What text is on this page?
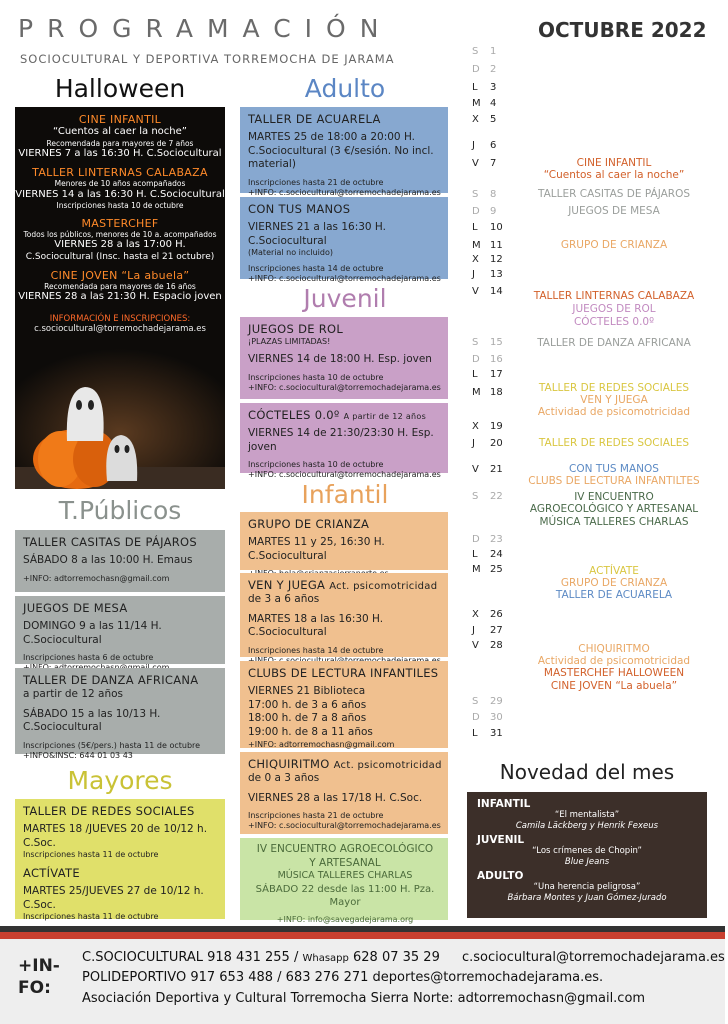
PROGRAMACIÓN
SOCIOCULTURAL Y DEPORTIVA TORREMOCHA DE JARAMA
OCTUBRE 2022
Halloween	Adulto
Juvenil
Infantil
T.Públicos
Mayores	Novedad del mes
CINE INFANTIL
“Cuentos al caer la noche”
Recomendada para mayores de 7 años
VIERNES 7 a las 16:30 H. C.Sociocultural
TALLER LINTERNAS CALABAZA
Menores de 10 años acompañados
VIERNES 14 a las 16:30 H. C.Sociocultural
Inscripciones hasta 10 de octubre
MASTERCHEF
Todos los públicos, menores de 10 a. acompañados
VIERNES 28 a las 17:00 H.
C.Sociocultural (Insc. hasta el 21 octubre)
CINE JOVEN “La abuela”
Recomendada para mayores de 16 años
VIERNES 28 a las 21:30 H. Espacio joven
INFORMACIÓN E INSCRIPCIONES:
c.sociocultural@torremochadejarama.es
TALLER DE ACUARELA
MARTES 25 de 18:00 a 20:00 H.
C.Sociocultural (3 €/sesión. No incl. material)
Inscripciones hasta 21 de octubre
+INFO: c.sociocultural@torremochadejarama.es
CON TUS MANOS
VIERNES 21 a las 16:30 H. C.Sociocultural
(Material no incluido)
Inscripciones hasta 14 de octubre
+INFO: c.sociocultural@torremochadejarama.es
JUEGOS DE ROL
¡PLAZAS LIMITADAS!
VIERNES 14 de 18:00 H. Esp. joven
Inscripciones hasta 10 de octubre
+INFO: c.sociocultural@torremochadejarama.es
CÓCTELES 0.0º A partir de 12 años
VIERNES 14 de 21:30/23:30 H. Esp. joven
Inscripciones hasta 10 de octubre
+INFO: c.sociocultural@torremochadejarama.es
GRUPO DE CRIANZA
MARTES 11 y 25, 16:30 H. C.Sociocultural
VEN Y JUEGA Act. psicomotricidad
de 3 a 6 años
MARTES 18 a las 16:30 H. C.Sociocultural
Inscripciones hasta 14 de octubre
CLUBS DE LECTURA INFANTILES
VIERNES 21 Biblioteca
17:00 h. de 3 a 6 años
18:00 h. de 7 a 8 años
19:00 h. de 8 a 11 años
+INFO: adtorremochasn@gmail.com
CHIQUIRITMO Act. psicomotricidad
de 0 a 3 años
VIERNES 28 a las 17/18 H. C.Soc.
Inscripciones hasta 21 de octubre
+INFO: c.sociocultural@torremochadejarama.es
IV ENCUENTRO AGROECOLÓGICO
Y ARTESANAL
MÚSICA TALLERES CHARLAS
SÁBADO 22 desde las 11:00 H. Pza. Mayor
+INFO: info@savegadejarama.org
TALLER CASITAS DE PÁJAROS
SÁBADO 8 a las 10:00 H. Emaus
+INFO: adtorremochasn@gmail.com
JUEGOS DE MESA
DOMINGO 9 a las 11/14 H. C.Sociocultural
Inscripciones hasta 6 de octubre
TALLER DE DANZA AFRICANA
a partir de 12 años
SÁBADO 15 a las 10/13 H. C.Sociocultural
Inscripciones (5€/pers.) hasta 11 de octubre
+INFO&INSC: 644 01 03 43
TALLER DE REDES SOCIALES
MARTES 18 /JUEVES 20 de 10/12 h. C.Soc.
Inscripciones hasta 11 de octubre
ACTÍVATE
MARTES 25/JUEVES 27 de 10/12 h. C.Soc.
Inscripciones hasta 11 de octubre
S 1
D 2
L 3
M 4
X 5
J 6
V 7
S 8
D 9
L 10
M 11
X 12
J 13
V 14
S 15
D 16
L 17
M 18
X 19
J 20
V 21
S 22
D 23
L 24
M 25
X 26
J 27
V 28
S 29
D 30
L 31
CINE INFANTIL
“Cuentos al caer la noche”
TALLER CASITAS DE PÁJAROS
JUEGOS DE MESA
GRUPO DE CRIANZA
TALLER LINTERNAS CALABAZA
JUEGOS DE ROL
CÓCTELES 0.0º
TALLER DE DANZA AFRICANA
TALLER DE REDES SOCIALES
VEN Y JUEGA
Actividad de psicomotricidad
TALLER DE REDES SOCIALES
CON TUS MANOS
CLUBS DE LECTURA INFANTILTES
IV ENCUENTRO
AGROECOLÓGICO Y ARTESANAL
MÚSICA TALLERES CHARLAS
ACTÍVATE
GRUPO DE CRIANZA
TALLER DE ACUARELA
CHIQUIRITMO
Actividad de psicomotricidad
MASTERCHEF HALLOWEEN
CINE JOVEN “La abuela”
INFANTIL
“El mentalista”
Camila Läckberg y Henrik Fexeus
JUVENIL
“Los crímenes de Chopin”
Blue Jeans
ADULTO
“Una herencia peligrosa”
Bárbara Montes y Juan Gómez-Jurado
+IN- FO:
C.SOCIOCULTURAL 918 431 255 / Whasapp 628 07 35 29 c.sociocultural@torremochadejarama.es
POLIDEPORTIVO 917 653 488 / 683 276 271 deportes@torremochadejarama.es.
Asociación Deportiva y Cultural Torremocha Sierra Norte: adtorremochasn@gmail.com
